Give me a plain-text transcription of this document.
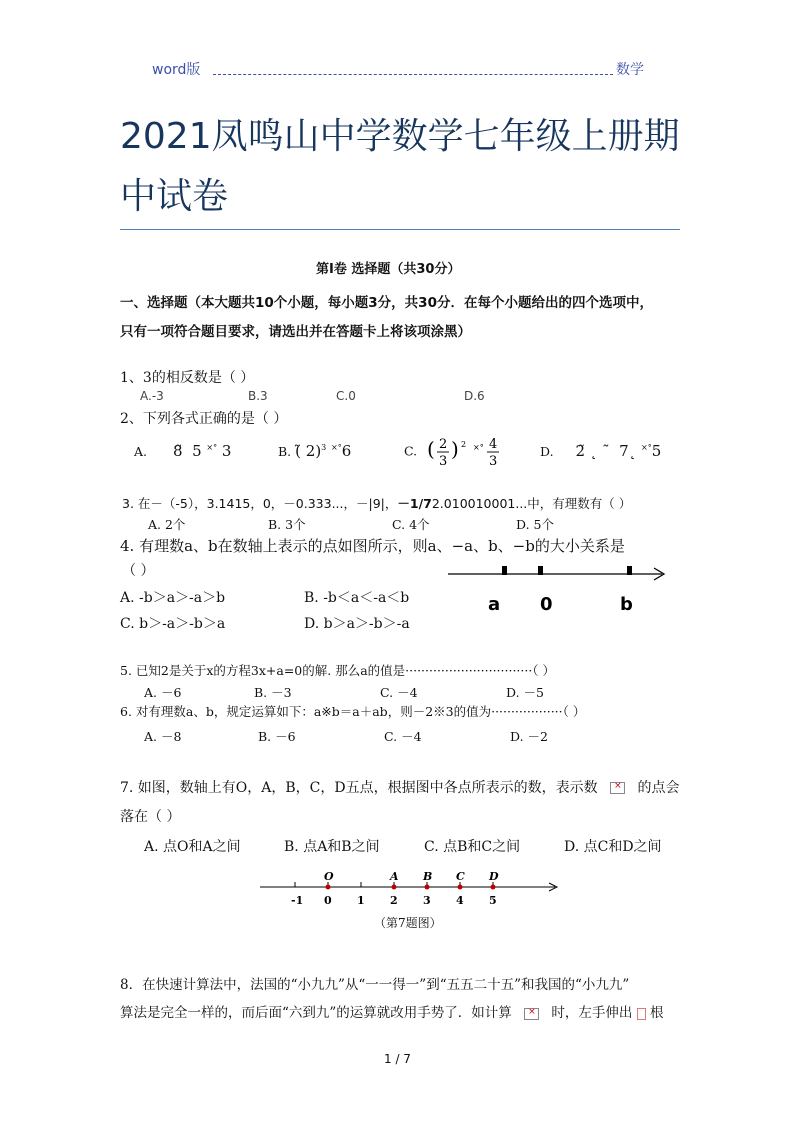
word版	数学
2021凤鸣山中学数学七年级上册期
中试卷
第Ⅰ卷 选择题（共30分）
一、选择题（本大题共10个小题，每小题3分，共30分．在每个小题给出的四个选项中，
只有一项符合题目要求，请选出并在答题卡上将该项涂黑）
1、3的相反数是（ ）
A.-3	B.3	C.0	D.6
2、下列各式正确的是（ ）
A. 8̃  5 ×° 3	B. (̃ 2)$^3$ ×°6	C. ( 2
3
) 2 ×° 4
3
D. 2̃ ˛ ˜  7˛ ×°5
3. 在－（-5），3.1415，0，－0.333...，－|9|，－1/72.010010001...中，有理数有（ ）
A. 2个	B. 3个	C. 4个	D. 5个
4. 有理数a、b在数轴上表示的点如图所示，则a、−a、b、−b的大小关系是
（ ）
A. -b＞a＞-a＞b	B. -b＜a＜-a＜b
C. b＞-a＞-b＞a	D. b＞a＞-b＞-a
a 0	b
5. 已知2是关于x的方程3x+a=0的解. 那么a的值是································（ ）
A. －6	B. －3	C. －4	D. －5
6. 对有理数a、b，规定运算如下：a※b＝a＋ab，则－2※3的值为··················（ ）
A. －8	B. －6	C. －4	D. －2
7. 如图，数轴上有O，A，B，C，D五点，根据图中各点所表示的数，表示数 ×	的点会
落在（ ）
A. 点O和A之间	B. 点A和B之间	C. 点B和C之间	D. 点C和D之间
-1 0 1 2 3 4 5
O	A B C D
（第7题图）
8．在快速计算法中，法国的“小九九”从“一一得一”到“五五二十五”和我国的“小九九”
算法是完全一样的，而后面“六到九”的运算就改用手势了．如计算 ×	时，左手伸出 根
1 / 7
